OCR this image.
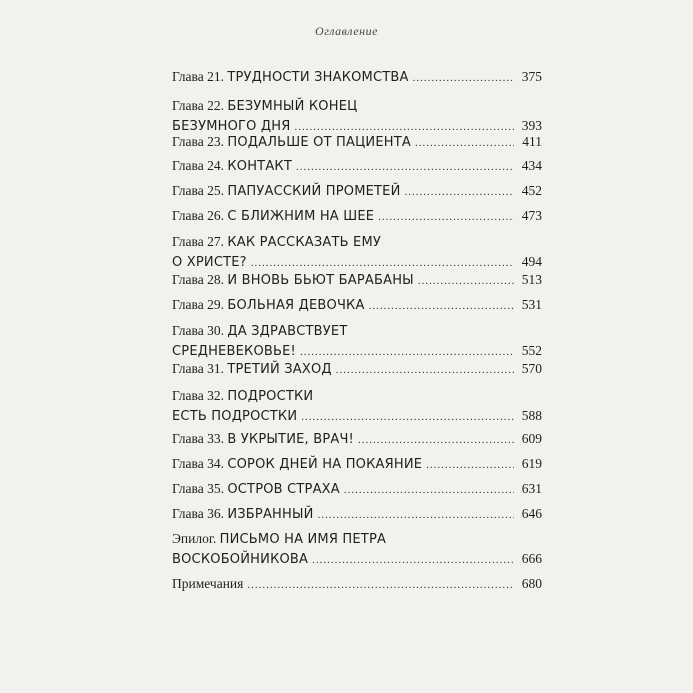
Оглавление
Глава 21. ТРУДНОСТИ ЗНАКОМСТВА .....	375
Глава 22. БЕЗУМНЫЙ КОНЕЦ
БЕЗУМНОГО ДНЯ .....	393
Глава 23. ПОДАЛЬШЕ ОТ ПАЦИЕНТА .....	411
Глава 24. КОНТАКТ .....	434
Глава 25. ПАПУАССКИЙ ПРОМЕТЕЙ .....	452
Глава 26. С БЛИЖНИМ НА ШЕЕ .....	473
Глава 27. КАК РАССКАЗАТЬ ЕМУ
О ХРИСТЕ? .....	494
Глава 28. И ВНОВЬ БЬЮТ БАРАБАНЫ .....	513
Глава 29. БОЛЬНАЯ ДЕВОЧКА .....	531
Глава 30. ДА ЗДРАВСТВУЕТ
СРЕДНЕВЕКОВЬЕ! .....	552
Глава 31. ТРЕТИЙ ЗАХОД .....	570
Глава 32. ПОДРОСТКИ
ЕСТЬ ПОДРОСТКИ .....	588
Глава 33. В УКРЫТИЕ, ВРАЧ! .....	609
Глава 34. СОРОК ДНЕЙ НА ПОКАЯНИЕ .....	619
Глава 35. ОСТРОВ СТРАХА .....	631
Глава 36. ИЗБРАННЫЙ .....	646
Эпилог. ПИСЬМО НА ИМЯ ПЕТРА
ВОСКОБОЙНИКОВА .....	666
Примечания .....	680
